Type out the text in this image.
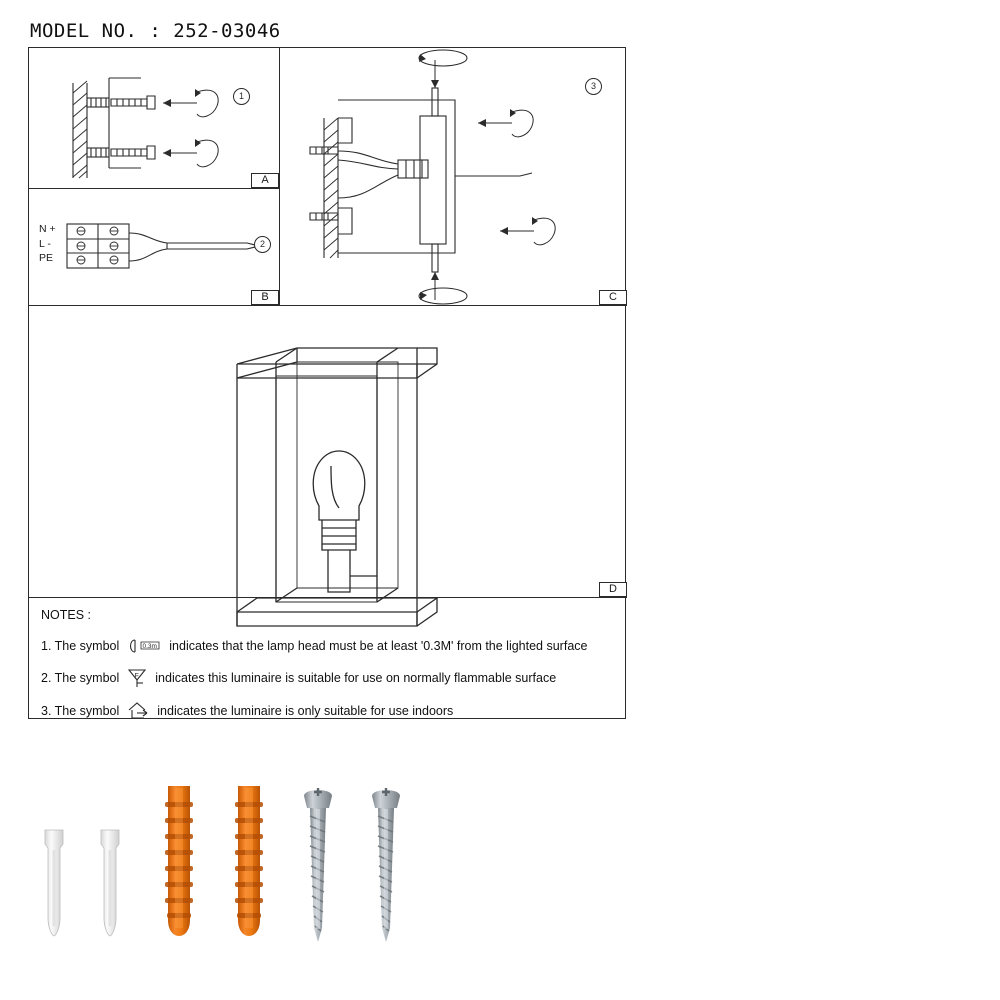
MODEL NO. : 252-03046
1
A
N +
L -
PE
2
B
3
C
D
NOTES :
1. The symbol	0.3m indicates that the lamp head must be at least '0.3M' from the lighted surface
2. The symbol F indicates this luminaire is suitable for use on normally flammable surface
3. The symbol	indicates the luminaire is only suitable for use indoors
